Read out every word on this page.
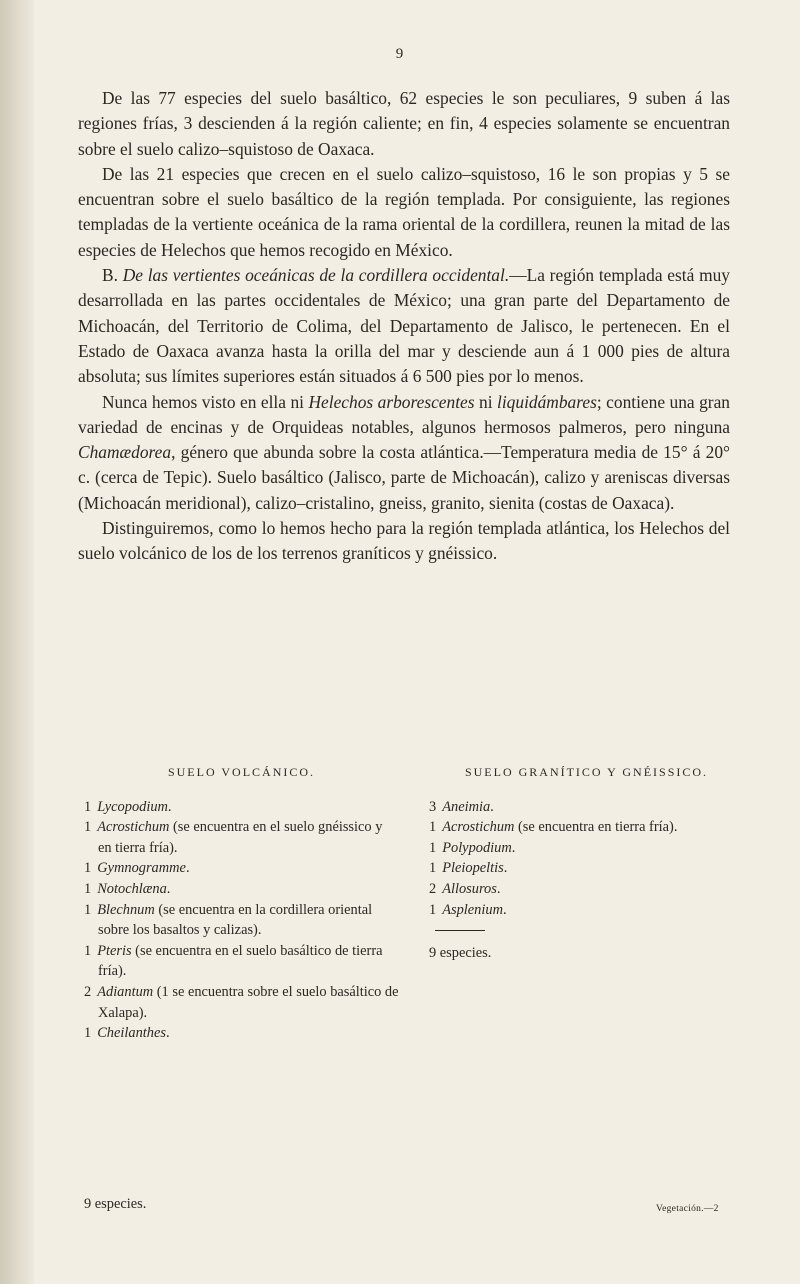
9

De las 77 especies del suelo basáltico, 62 especies le son peculiares, 9 suben á las regiones frías, 3 descienden á la región caliente; en fin, 4 especies solamente se encuentran sobre el suelo calizo–squistoso de Oaxaca.

De las 21 especies que crecen en el suelo calizo–squistoso, 16 le son propias y 5 se encuentran sobre el suelo basáltico de la región templada. Por consiguiente, las regiones templadas de la vertiente oceánica de la rama oriental de la cordillera, reunen la mitad de las especies de Helechos que hemos recogido en México.

B. De las vertientes oceánicas de la cordillera occidental.—La región templada está muy desarrollada en las partes occidentales de México; una gran parte del Departamento de Michoacán, del Territorio de Colima, del Departamento de Jalisco, le pertenecen. En el Estado de Oaxaca avanza hasta la orilla del mar y desciende aun á 1 000 pies de altura absoluta; sus límites superiores están situados á 6 500 pies por lo menos.

Nunca hemos visto en ella ni Helechos arborescentes ni liquidámbares; contiene una gran variedad de encinas y de Orquideas notables, algunos hermosos palmeros, pero ninguna Chamædorea, género que abunda sobre la costa atlántica.—Temperatura media de 15° á 20° c. (cerca de Tepic). Suelo basáltico (Jalisco, parte de Michoacán), calizo y areniscas diversas (Michoacán meridional), calizo–cristalino, gneiss, granito, sienita (costas de Oaxaca).

Distinguiremos, como lo hemos hecho para la región templada atlántica, los Helechos del suelo volcánico de los de los terrenos graníticos y gnéissico.

SUELO VOLCÁNICO.
1 Lycopodium.
1 Acrostichum (se encuentra en el suelo gnéissico y en tierra fría).
1 Gymnogramme.
1 Notochlæna.
1 Blechnum (se encuentra en la cordillera oriental sobre los basaltos y calizas).
1 Pteris (se encuentra en el suelo basáltico de tierra fría).
2 Adiantum (1 se encuentra sobre el suelo basáltico de Xalapa).
1 Cheilanthes.
SUELO GRANÍTICO Y GNÉISSICO.
3 Aneimia.
1 Acrostichum (se encuentra en tierra fría).
1 Polypodium.
1 Pleiopeltis.
2 Allosuros.
1 Asplenium.
9 especies.
9 especies.	Vegetación.—2
